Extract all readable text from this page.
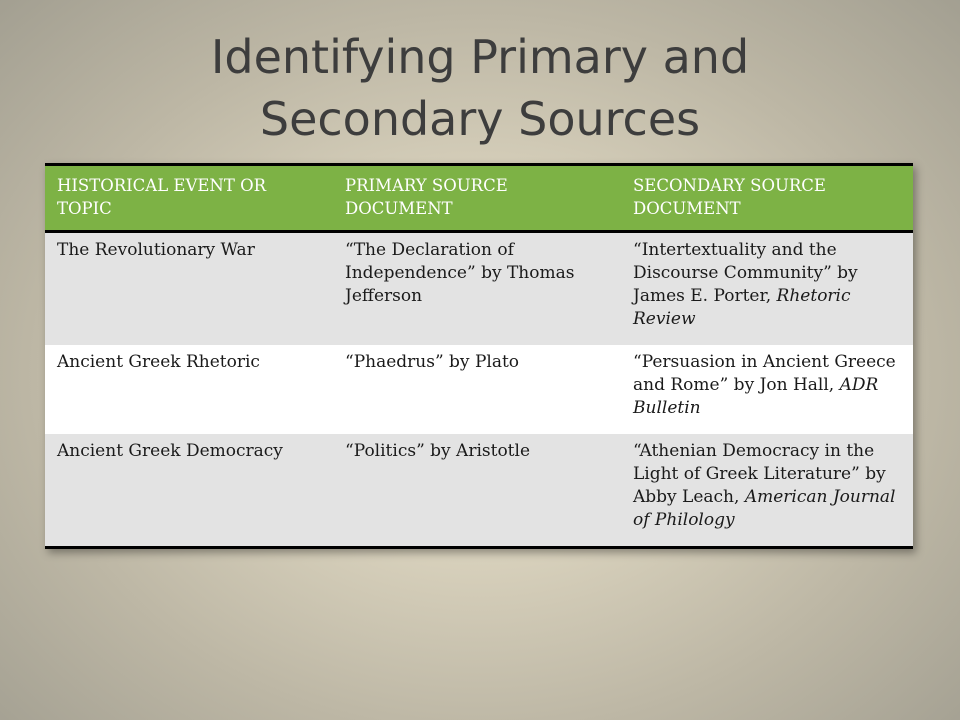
Identifying Primary and
Secondary Sources
HISTORICAL EVENT OR TOPIC	PRIMARY SOURCE DOCUMENT	SECONDARY SOURCE DOCUMENT
The Revolutionary War	“The Declaration of Independence” by Thomas Jefferson	“Intertextuality and the Discourse Community” by James E. Porter, Rhetoric Review
Ancient Greek Rhetoric	“Phaedrus” by Plato	“Persuasion in Ancient Greece and Rome” by Jon Hall, ADR Bulletin
Ancient Greek Democracy	“Politics” by Aristotle	“Athenian Democracy in the Light of Greek Literature” by Abby Leach, American Journal of Philology
